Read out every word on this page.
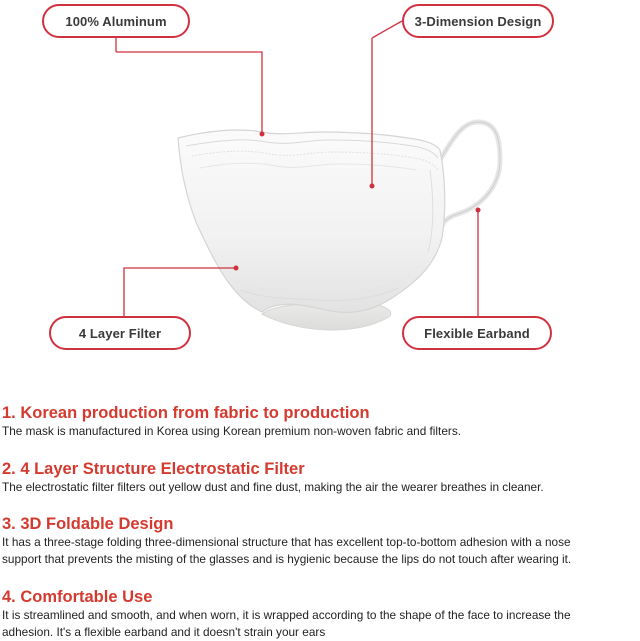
100% Aluminum	3-Dimension Design
4 Layer Filter	Flexible Earband
1. Korean production from fabric to production

The mask is manufactured in Korea using Korean premium non-woven fabric and filters.

2. 4 Layer Structure Electrostatic Filter

The electrostatic filter filters out yellow dust and fine dust, making the air the wearer breathes in cleaner.

3. 3D Foldable Design

It has a three-stage folding three-dimensional structure that has excellent top-to-bottom adhesion with a nose

support that prevents the misting of the glasses and is hygienic because the lips do not touch after wearing it.

4. Comfortable Use

It is streamlined and smooth, and when worn, it is wrapped according to the shape of the face to increase the

adhesion. It's a flexible earband and it doesn't strain your ears
